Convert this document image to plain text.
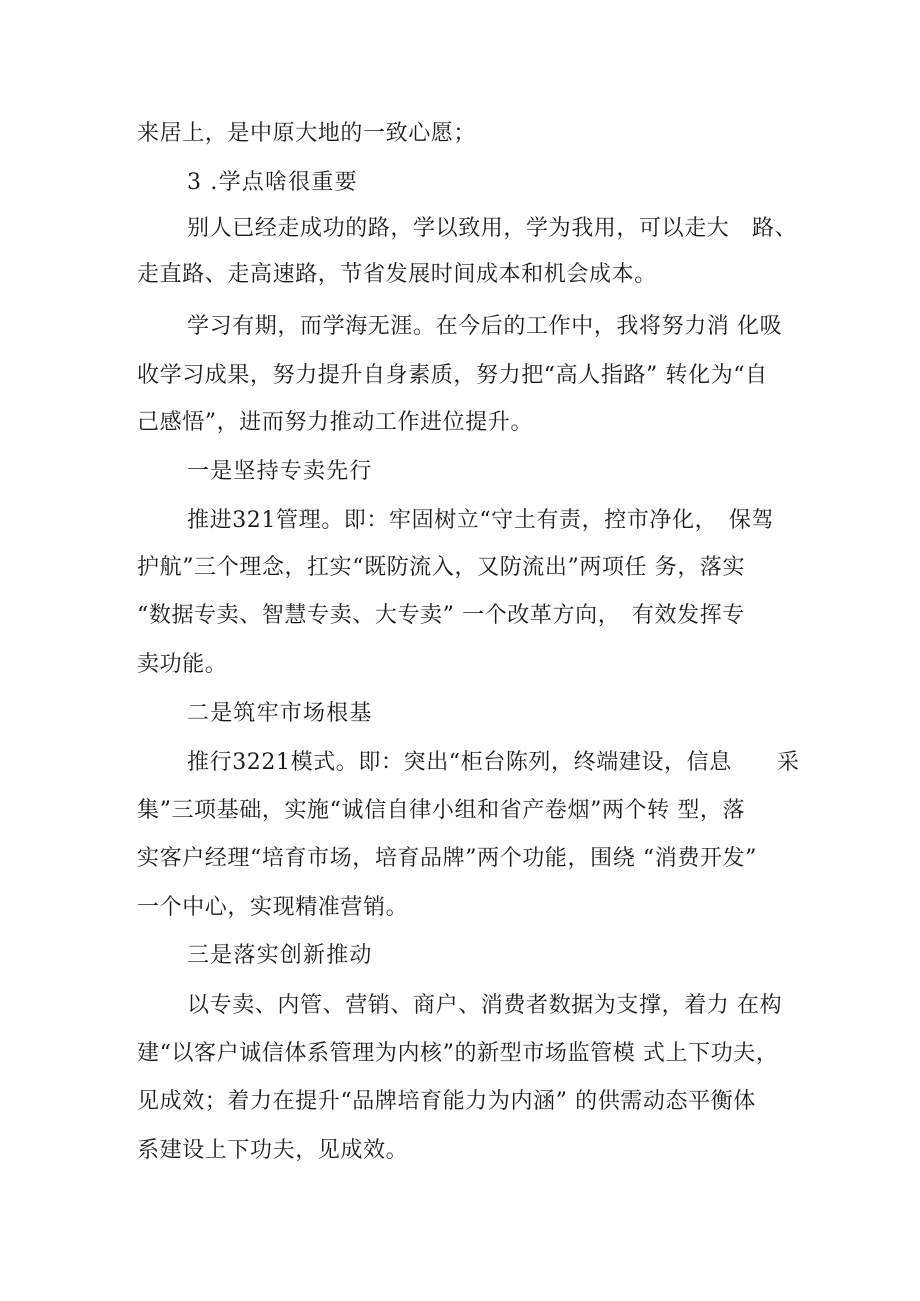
来居上，是中原大地的一致心愿；
3 .学点啥很重要
别人已经走成功的路，学以致用，学为我用，可以走大　路、
走直路、走高速路，节省发展时间成本和机会成本。
学习有期，而学海无涯。在今后的工作中，我将努力消 化吸
收学习成果，努力提升自身素质，努力把“高人指路” 转化为“自
己感悟”，进而努力推动工作进位提升。
一是坚持专卖先行
推进321管理。即：牢固树立“守土有责，控市净化，　保驾
护航”三个理念，扛实“既防流入，又防流出”两项任 务，落实
“数据专卖、智慧专卖、大专卖” 一个改革方向，　有效发挥专
卖功能。
二是筑牢市场根基
推行3221模式。即：突出“柜台陈列，终端建设，信息　　采
集”三项基础，实施“诚信自律小组和省产卷烟”两个转 型，落
实客户经理“培育市场，培育品牌”两个功能，围绕 “消费开发”
一个中心，实现精准营销。
三是落实创新推动
以专卖、内管、营销、商户、消费者数据为支撑，着力 在构
建“以客户诚信体系管理为内核”的新型市场监管模 式上下功夫，
见成效；着力在提升“品牌培育能力为内涵” 的供需动态平衡体
系建设上下功夫，见成效。
